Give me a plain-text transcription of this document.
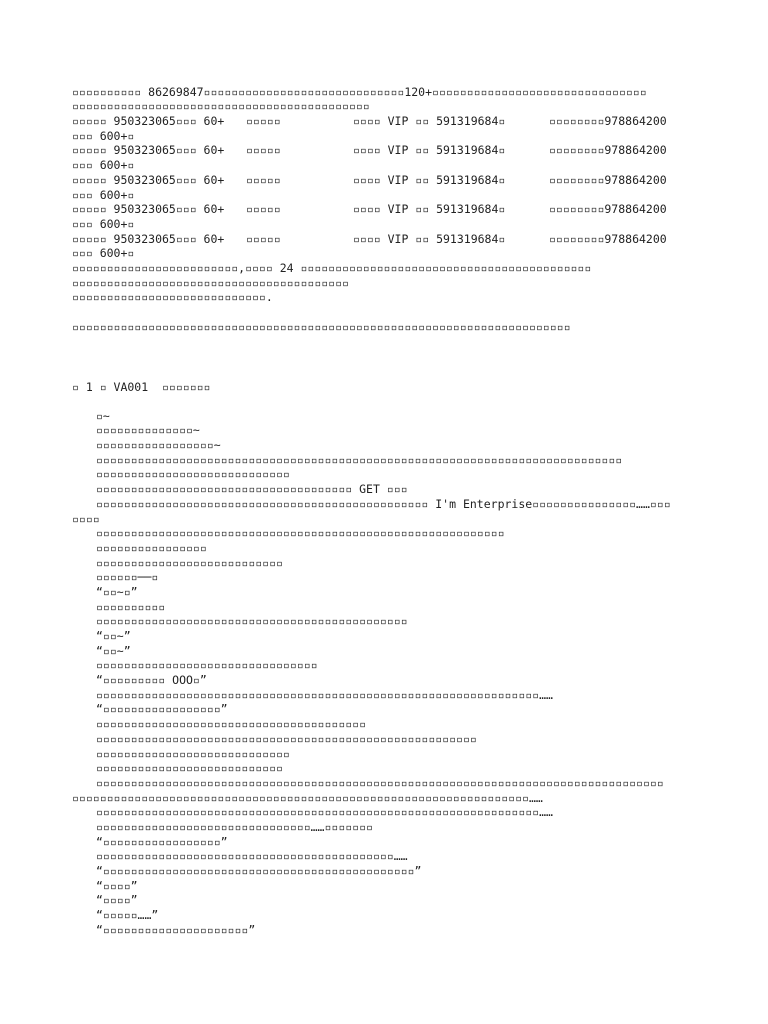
▫▫▫▫▫▫▫▫▫▫ 86269847▫▫▫▫▫▫▫▫▫▫▫▫▫▫▫▫▫▫▫▫▫▫▫▫▫▫▫▫▫120+▫▫▫▫▫▫▫▫▫▫▫▫▫▫▫▫▫▫▫▫▫▫▫▫▫▫▫▫▫▫▫
▫▫▫▫▫▫▫▫▫▫▫▫▫▫▫▫▫▫▫▫▫▫▫▫▫▫▫▫▫▫▫▫▫▫▫▫▫▫▫▫▫▫▫
▫▫▫▫▫ 950323065▫▫▫ 60+ ▫▫▫▫▫	▫▫▫▫ VIP ▫▫ 591319684▫	▫▫▫▫▫▫▫▫978864200
▫▫▫ 600+▫
▫▫▫▫▫ 950323065▫▫▫ 60+ ▫▫▫▫▫	▫▫▫▫ VIP ▫▫ 591319684▫	▫▫▫▫▫▫▫▫978864200
▫▫▫ 600+▫
▫▫▫▫▫ 950323065▫▫▫ 60+ ▫▫▫▫▫	▫▫▫▫ VIP ▫▫ 591319684▫	▫▫▫▫▫▫▫▫978864200
▫▫▫ 600+▫
▫▫▫▫▫ 950323065▫▫▫ 60+ ▫▫▫▫▫	▫▫▫▫ VIP ▫▫ 591319684▫	▫▫▫▫▫▫▫▫978864200
▫▫▫ 600+▫
▫▫▫▫▫ 950323065▫▫▫ 60+ ▫▫▫▫▫	▫▫▫▫ VIP ▫▫ 591319684▫	▫▫▫▫▫▫▫▫978864200
▫▫▫ 600+▫
▫▫▫▫▫▫▫▫▫▫▫▫▫▫▫▫▫▫▫▫▫▫▫▫,▫▫▫▫ 24 ▫▫▫▫▫▫▫▫▫▫▫▫▫▫▫▫▫▫▫▫▫▫▫▫▫▫▫▫▫▫▫▫▫▫▫▫▫▫▫▫▫▫
▫▫▫▫▫▫▫▫▫▫▫▫▫▫▫▫▫▫▫▫▫▫▫▫▫▫▫▫▫▫▫▫▫▫▫▫▫▫▫▫
▫▫▫▫▫▫▫▫▫▫▫▫▫▫▫▫▫▫▫▫▫▫▫▫▫▫▫▫.

▫▫▫▫▫▫▫▫▫▫▫▫▫▫▫▫▫▫▫▫▫▫▫▫▫▫▫▫▫▫▫▫▫▫▫▫▫▫▫▫▫▫▫▫▫▫▫▫▫▫▫▫▫▫▫▫▫▫▫▫▫▫▫▫▫▫▫▫▫▫▫▫
▫ 1 ▫ VA001  ▫▫▫▫▫▫▫
▫~
▫▫▫▫▫▫▫▫▫▫▫▫▫▫~
▫▫▫▫▫▫▫▫▫▫▫▫▫▫▫▫▫~
▫▫▫▫▫▫▫▫▫▫▫▫▫▫▫▫▫▫▫▫▫▫▫▫▫▫▫▫▫▫▫▫▫▫▫▫▫▫▫▫▫▫▫▫▫▫▫▫▫▫▫▫▫▫▫▫▫▫▫▫▫▫▫▫▫▫▫▫▫▫▫▫▫▫▫▫
▫▫▫▫▫▫▫▫▫▫▫▫▫▫▫▫▫▫▫▫▫▫▫▫▫▫▫▫
▫▫▫▫▫▫▫▫▫▫▫▫▫▫▫▫▫▫▫▫▫▫▫▫▫▫▫▫▫▫▫▫▫▫▫▫▫ GET ▫▫▫
▫▫▫▫▫▫▫▫▫▫▫▫▫▫▫▫▫▫▫▫▫▫▫▫▫▫▫▫▫▫▫▫▫▫▫▫▫▫▫▫▫▫▫▫▫▫▫▫ I'm Enterprise▫▫▫▫▫▫▫▫▫▫▫▫▫▫▫……▫▫▫
▫▫▫▫
▫▫▫▫▫▫▫▫▫▫▫▫▫▫▫▫▫▫▫▫▫▫▫▫▫▫▫▫▫▫▫▫▫▫▫▫▫▫▫▫▫▫▫▫▫▫▫▫▫▫▫▫▫▫▫▫▫▫▫
▫▫▫▫▫▫▫▫▫▫▫▫▫▫▫▫
▫▫▫▫▫▫▫▫▫▫▫▫▫▫▫▫▫▫▫▫▫▫▫▫▫▫▫
▫▫▫▫▫▫──▫
“▫▫~▫”
▫▫▫▫▫▫▫▫▫▫
▫▫▫▫▫▫▫▫▫▫▫▫▫▫▫▫▫▫▫▫▫▫▫▫▫▫▫▫▫▫▫▫▫▫▫▫▫▫▫▫▫▫▫▫▫
“▫▫~”
“▫▫~”
▫▫▫▫▫▫▫▫▫▫▫▫▫▫▫▫▫▫▫▫▫▫▫▫▫▫▫▫▫▫▫▫
“▫▫▫▫▫▫▫▫▫ OOO▫”
▫▫▫▫▫▫▫▫▫▫▫▫▫▫▫▫▫▫▫▫▫▫▫▫▫▫▫▫▫▫▫▫▫▫▫▫▫▫▫▫▫▫▫▫▫▫▫▫▫▫▫▫▫▫▫▫▫▫▫▫▫▫▫▫……
“▫▫▫▫▫▫▫▫▫▫▫▫▫▫▫▫▫”
▫▫▫▫▫▫▫▫▫▫▫▫▫▫▫▫▫▫▫▫▫▫▫▫▫▫▫▫▫▫▫▫▫▫▫▫▫▫▫
▫▫▫▫▫▫▫▫▫▫▫▫▫▫▫▫▫▫▫▫▫▫▫▫▫▫▫▫▫▫▫▫▫▫▫▫▫▫▫▫▫▫▫▫▫▫▫▫▫▫▫▫▫▫▫
▫▫▫▫▫▫▫▫▫▫▫▫▫▫▫▫▫▫▫▫▫▫▫▫▫▫▫▫
▫▫▫▫▫▫▫▫▫▫▫▫▫▫▫▫▫▫▫▫▫▫▫▫▫▫▫
▫▫▫▫▫▫▫▫▫▫▫▫▫▫▫▫▫▫▫▫▫▫▫▫▫▫▫▫▫▫▫▫▫▫▫▫▫▫▫▫▫▫▫▫▫▫▫▫▫▫▫▫▫▫▫▫▫▫▫▫▫▫▫▫▫▫▫▫▫▫▫▫▫▫▫▫▫▫▫▫▫▫
▫▫▫▫▫▫▫▫▫▫▫▫▫▫▫▫▫▫▫▫▫▫▫▫▫▫▫▫▫▫▫▫▫▫▫▫▫▫▫▫▫▫▫▫▫▫▫▫▫▫▫▫▫▫▫▫▫▫▫▫▫▫▫▫▫▫……
▫▫▫▫▫▫▫▫▫▫▫▫▫▫▫▫▫▫▫▫▫▫▫▫▫▫▫▫▫▫▫▫▫▫▫▫▫▫▫▫▫▫▫▫▫▫▫▫▫▫▫▫▫▫▫▫▫▫▫▫▫▫▫▫……
▫▫▫▫▫▫▫▫▫▫▫▫▫▫▫▫▫▫▫▫▫▫▫▫▫▫▫▫▫▫▫……▫▫▫▫▫▫▫
“▫▫▫▫▫▫▫▫▫▫▫▫▫▫▫▫▫”
▫▫▫▫▫▫▫▫▫▫▫▫▫▫▫▫▫▫▫▫▫▫▫▫▫▫▫▫▫▫▫▫▫▫▫▫▫▫▫▫▫▫▫……
“▫▫▫▫▫▫▫▫▫▫▫▫▫▫▫▫▫▫▫▫▫▫▫▫▫▫▫▫▫▫▫▫▫▫▫▫▫▫▫▫▫▫▫▫▫”
“▫▫▫▫”
“▫▫▫▫”
“▫▫▫▫▫……”
“▫▫▫▫▫▫▫▫▫▫▫▫▫▫▫▫▫▫▫▫▫”
